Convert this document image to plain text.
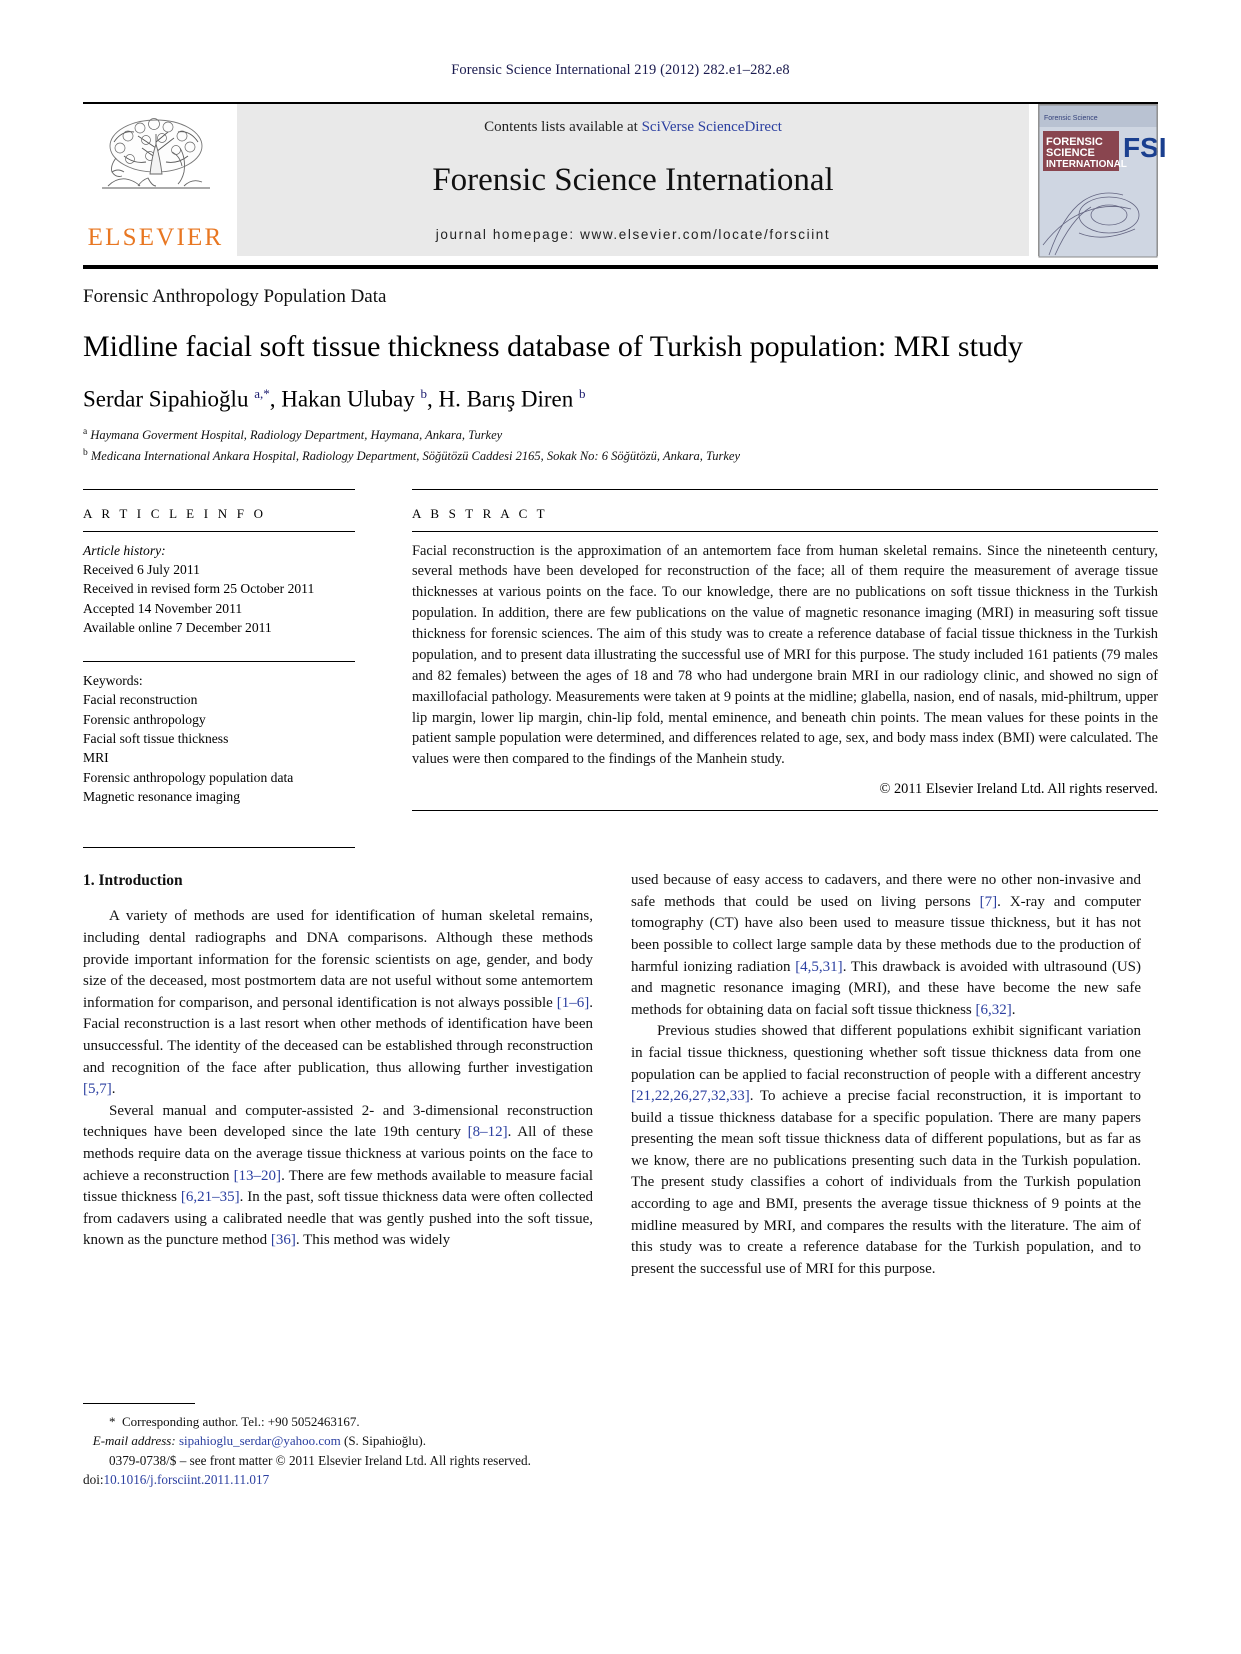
Forensic Science International 219 (2012) 282.e1–282.e8
ELSEVIER
Contents lists available at SciVerse ScienceDirect
Forensic Science International
journal homepage: www.elsevier.com/locate/forsciint
Forensic Science
FORENSIC
SCIENCE
INTERNATIONAL
FSI
Forensic Anthropology Population Data
Midline facial soft tissue thickness database of Turkish population: MRI study
Serdar Sipahioğlu $^{a,*}$, Hakan Ulubay $^b$, H. Barış Diren $^b$
$^a$ Haymana Goverment Hospital, Radiology Department, Haymana, Ankara, Turkey
$^b$ Medicana International Ankara Hospital, Radiology Department, Söğütözü Caddesi 2165, Sokak No: 6 Söğütözü, Ankara, Turkey
A R T I C L E I N F O
Article history:
Received 6 July 2011
Received in revised form 25 October 2011
Accepted 14 November 2011
Available online 7 December 2011
Keywords:
Facial reconstruction
Forensic anthropology
Facial soft tissue thickness
MRI
Forensic anthropology population data
Magnetic resonance imaging
A B S T R A C T
Facial reconstruction is the approximation of an antemortem face from human skeletal remains. Since the nineteenth century, several methods have been developed for reconstruction of the face; all of them require the measurement of average tissue thicknesses at various points on the face. To our knowledge, there are no publications on soft tissue thickness in the Turkish population. In addition, there are few publications on the value of magnetic resonance imaging (MRI) in measuring soft tissue thickness for forensic sciences. The aim of this study was to create a reference database of facial tissue thickness in the Turkish population, and to present data illustrating the successful use of MRI for this purpose. The study included 161 patients (79 males and 82 females) between the ages of 18 and 78 who had undergone brain MRI in our radiology clinic, and showed no sign of maxillofacial pathology. Measurements were taken at 9 points at the midline; glabella, nasion, end of nasals, mid-philtrum, upper lip margin, lower lip margin, chin-lip fold, mental eminence, and beneath chin points. The mean values for these points in the patient sample population were determined, and differences related to age, sex, and body mass index (BMI) were calculated. The values were then compared to the findings of the Manhein study.
© 2011 Elsevier Ireland Ltd. All rights reserved.
1. Introduction

A variety of methods are used for identification of human skeletal remains, including dental radiographs and DNA comparisons. Although these methods provide important information for the forensic scientists on age, gender, and body size of the deceased, most postmortem data are not useful without some antemortem information for comparison, and personal identification is not always possible [1–6]. Facial reconstruction is a last resort when other methods of identification have been unsuccessful. The identity of the deceased can be established through reconstruction and recognition of the face after publication, thus allowing further investigation [5,7].

Several manual and computer-assisted 2- and 3-dimensional reconstruction techniques have been developed since the late 19th century [8–12]. All of these methods require data on the average tissue thickness at various points on the face to achieve a reconstruction [13–20]. There are few methods available to measure facial tissue thickness [6,21–35]. In the past, soft tissue thickness data were often collected from cadavers using a calibrated needle that was gently pushed into the soft tissue, known as the puncture method [36]. This method was widely

* Corresponding author. Tel.: +90 5052463167.
E-mail address: sipahioglu_serdar@yahoo.com (S. Sipahioğlu).

0379-0738/$ – see front matter © 2011 Elsevier Ireland Ltd. All rights reserved.
doi:10.1016/j.forsciint.2011.11.017

used because of easy access to cadavers, and there were no other non-invasive and safe methods that could be used on living persons [7]. X-ray and computer tomography (CT) have also been used to measure tissue thickness, but it has not been possible to collect large sample data by these methods due to the production of harmful ionizing radiation [4,5,31]. This drawback is avoided with ultrasound (US) and magnetic resonance imaging (MRI), and these have become the new safe methods for obtaining data on facial soft tissue thickness [6,32].

Previous studies showed that different populations exhibit significant variation in facial tissue thickness, questioning whether soft tissue thickness data from one population can be applied to facial reconstruction of people with a different ancestry [21,22,26,27,32,33]. To achieve a precise facial reconstruction, it is important to build a tissue thickness database for a specific population. There are many papers presenting the mean soft tissue thickness data of different populations, but as far as we know, there are no publications presenting such data in the Turkish population. The present study classifies a cohort of individuals from the Turkish population according to age and BMI, presents the average tissue thickness of 9 points at the midline measured by MRI, and compares the results with the literature. The aim of this study was to create a reference database for the Turkish population, and to present the successful use of MRI for this purpose.
